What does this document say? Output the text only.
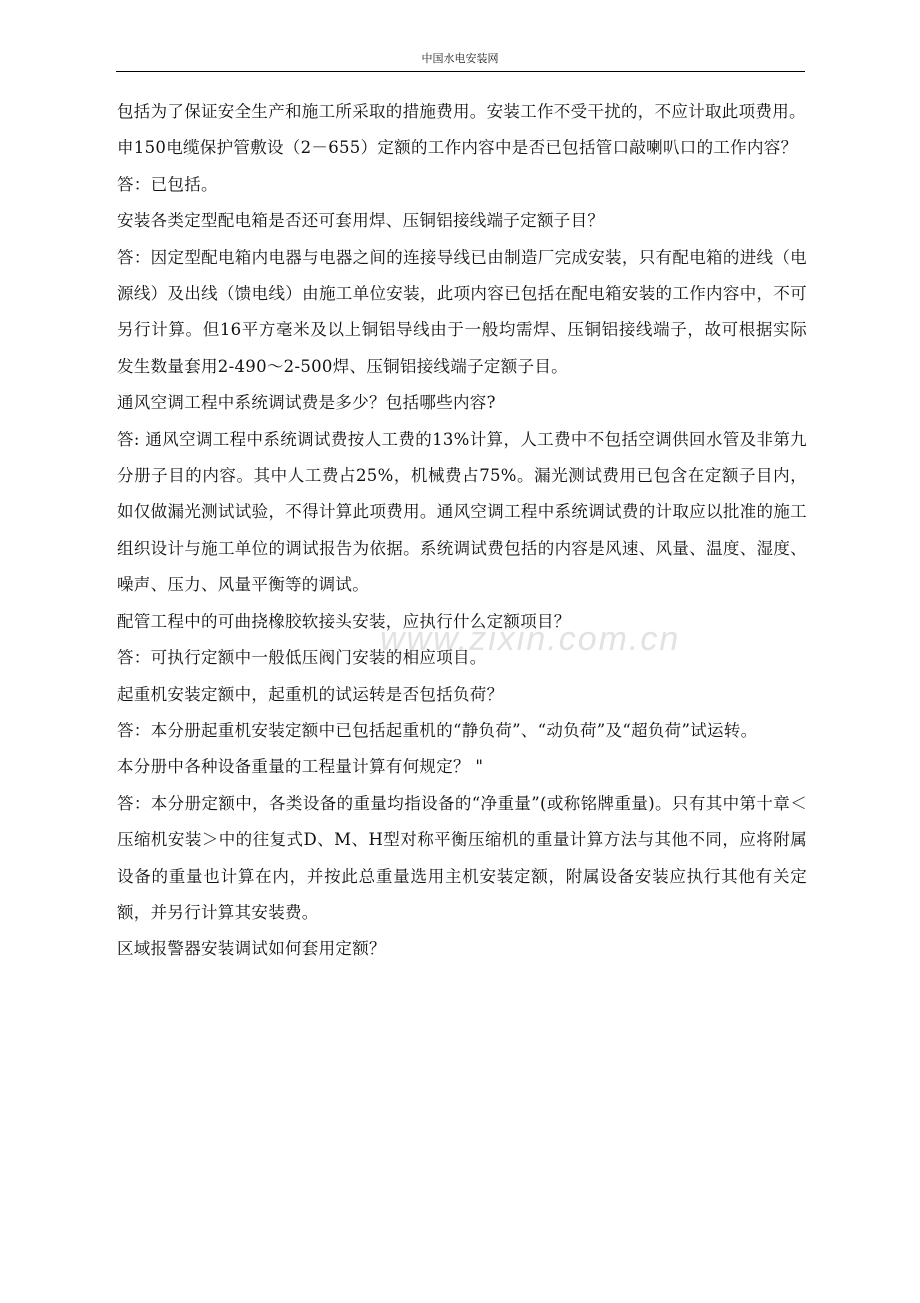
中国水电安装网
www.zixin.com.cn

包括为了保证安全生产和施工所采取的措施费用。安装工作不受干扰的，不应计取此项费用。

申150电缆保护管敷设（2－655）定额的工作内容中是否已包括管口敲喇叭口的工作内容？

答：已包括。

安装各类定型配电箱是否还可套用焊、压铜铝接线端子定额子目？

答：因定型配电箱内电器与电器之间的连接导线已由制造厂完成安装，只有配电箱的进线（电源线）及出线（馈电线）由施工单位安装，此项内容已包括在配电箱安装的工作内容中，不可另行计算。但16平方毫米及以上铜铝导线由于一般均需焊、压铜铝接线端子，故可根据实际发生数量套用2-490～2-500焊、压铜铝接线端子定额子目。

通风空调工程中系统调试费是多少？包括哪些内容?

答: 通风空调工程中系统调试费按人工费的13%计算，人工费中不包括空调供回水管及非第九分册子目的内容。其中人工费占25%，机械费占75%。漏光测试费用已包含在定额子目内，如仅做漏光测试试验，不得计算此项费用。通风空调工程中系统调试费的计取应以批准的施工组织设计与施工单位的调试报告为依据。系统调试费包括的内容是风速、风量、温度、湿度、噪声、压力、风量平衡等的调试。

配管工程中的可曲挠橡胶软接头安装，应执行什么定额项目？

答：可执行定额中一般低压阀门安装的相应项目。

起重机安装定额中，起重机的试运转是否包括负荷？

答：本分册起重机安装定额中已包括起重机的“静负荷”、“动负荷”及“超负荷”试运转。

本分册中各种设备重量的工程量计算有何规定？ "

答：本分册定额中，各类设备的重量均指设备的“净重量”(或称铭牌重量)。只有其中第十章＜压缩机安装＞中的往复式D、M、H型对称平衡压缩机的重量计算方法与其他不同，应将附属设备的重量也计算在内，并按此总重量选用主机安装定额，附属设备安装应执行其他有关定额，并另行计算其安装费。

区域报警器安装调试如何套用定额？
